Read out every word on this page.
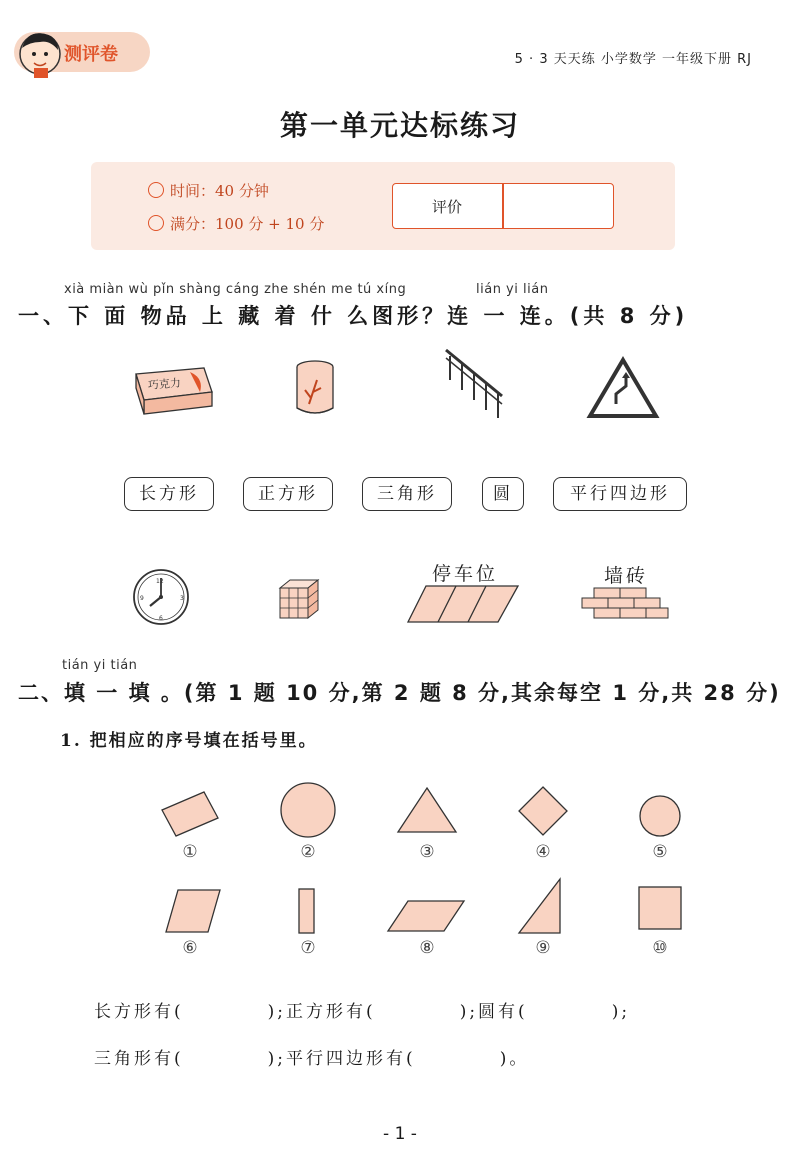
测评卷	5 · 3 天天练 小学数学 一年级下册 RJ
第一单元达标练习
时间：40 分钟
满分：100 分 + 10 分
评价
xià miàn wù pǐn shàng cáng zhe shén me tú xíng	lián yi lián
一、下 面 物品 上 藏 着 什 么图形？连 一 连。(共 8 分)
巧克力
长方形	正方形	三角形	圆	平行四边形
12
3
6
9
停车位	墙砖
tián yi tián
二、填 一 填 。(第 1 题 10 分,第 2 题 8 分,其余每空 1 分,共 28 分)
1. 把相应的序号填在括号里。
①	②	③	④	⑤
⑥	⑦	⑧	⑨	⑩
长方形有(          );正方形有(          );圆有(          );
三角形有(          );平行四边形有(          )。
- 1 -
